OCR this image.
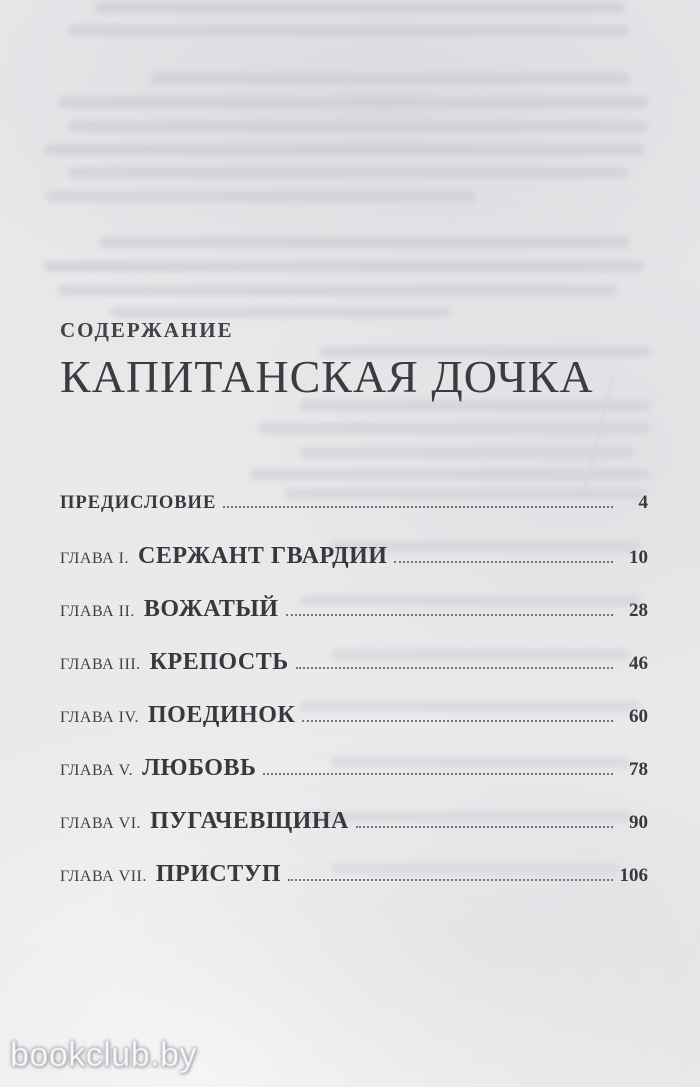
СОДЕРЖАНИЕ
КАПИТАНСКАЯ ДОЧКА
ПРЕДИСЛОВИЕ	4
ГЛАВА I. СЕРЖАНТ ГВАРДИИ	10
ГЛАВА II. ВОЖАТЫЙ	28
ГЛАВА III. КРЕПОСТЬ	46
ГЛАВА IV. ПОЕДИНОК	60
ГЛАВА V. ЛЮБОВЬ	78
ГЛАВА VI. ПУГАЧЕВЩИНА	90
ГЛАВА VII. ПРИСТУП	106
bookclub.by
